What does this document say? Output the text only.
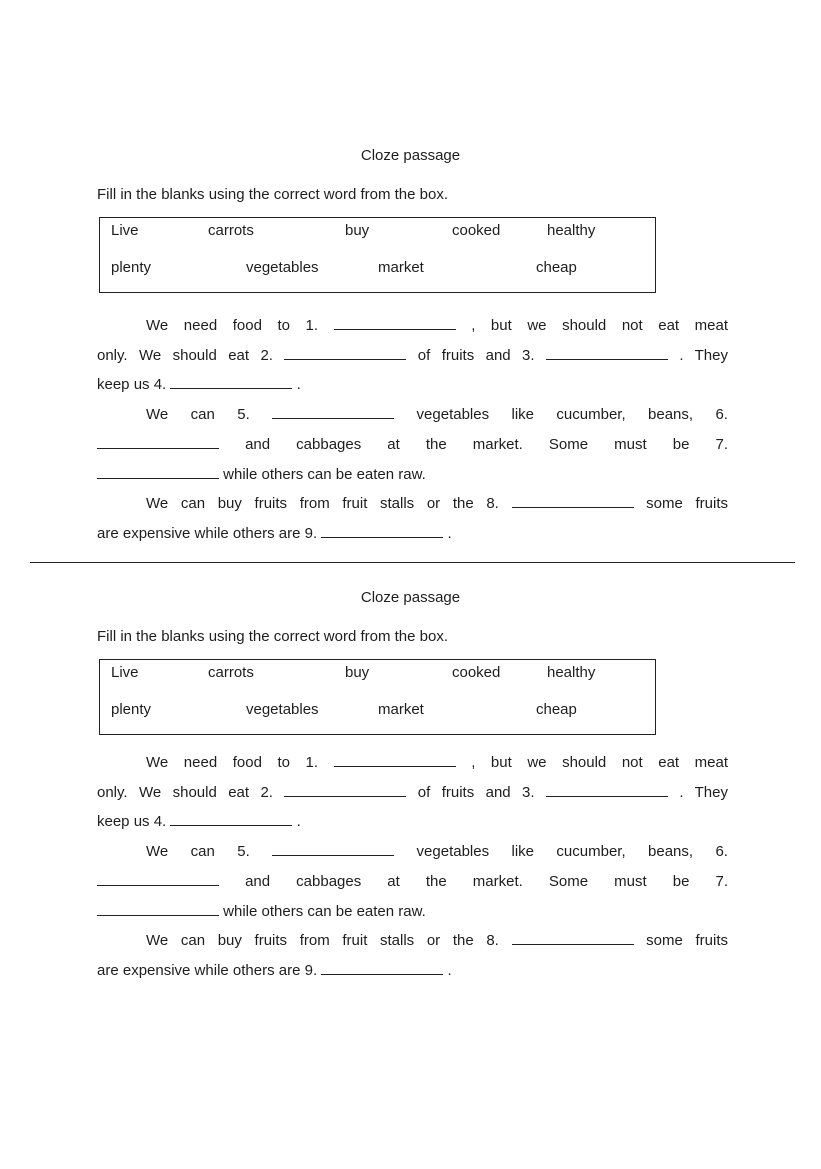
Cloze passage
Fill in the blanks using the correct word from the box.
Live	carrots	buy	cooked	healthy
plenty	vegetables	market	cheap
We need food to 1.	, but we should not eat meat
only. We should eat 2.	of fruits and 3.	. They
keep us 4.	.
We can 5.	vegetables like cucumber, beans, 6.
and cabbages at the market. Some must be 7.
while others can be eaten raw.
We can buy fruits from fruit stalls or the 8.	some fruits
are expensive while others are 9.	.
Cloze passage
Fill in the blanks using the correct word from the box.
Live	carrots	buy	cooked	healthy
plenty	vegetables	market	cheap
We need food to 1.	, but we should not eat meat
only. We should eat 2.	of fruits and 3.	. They
keep us 4.	.
We can 5.	vegetables like cucumber, beans, 6.
and cabbages at the market. Some must be 7.
while others can be eaten raw.
We can buy fruits from fruit stalls or the 8.	some fruits
are expensive while others are 9.	.
